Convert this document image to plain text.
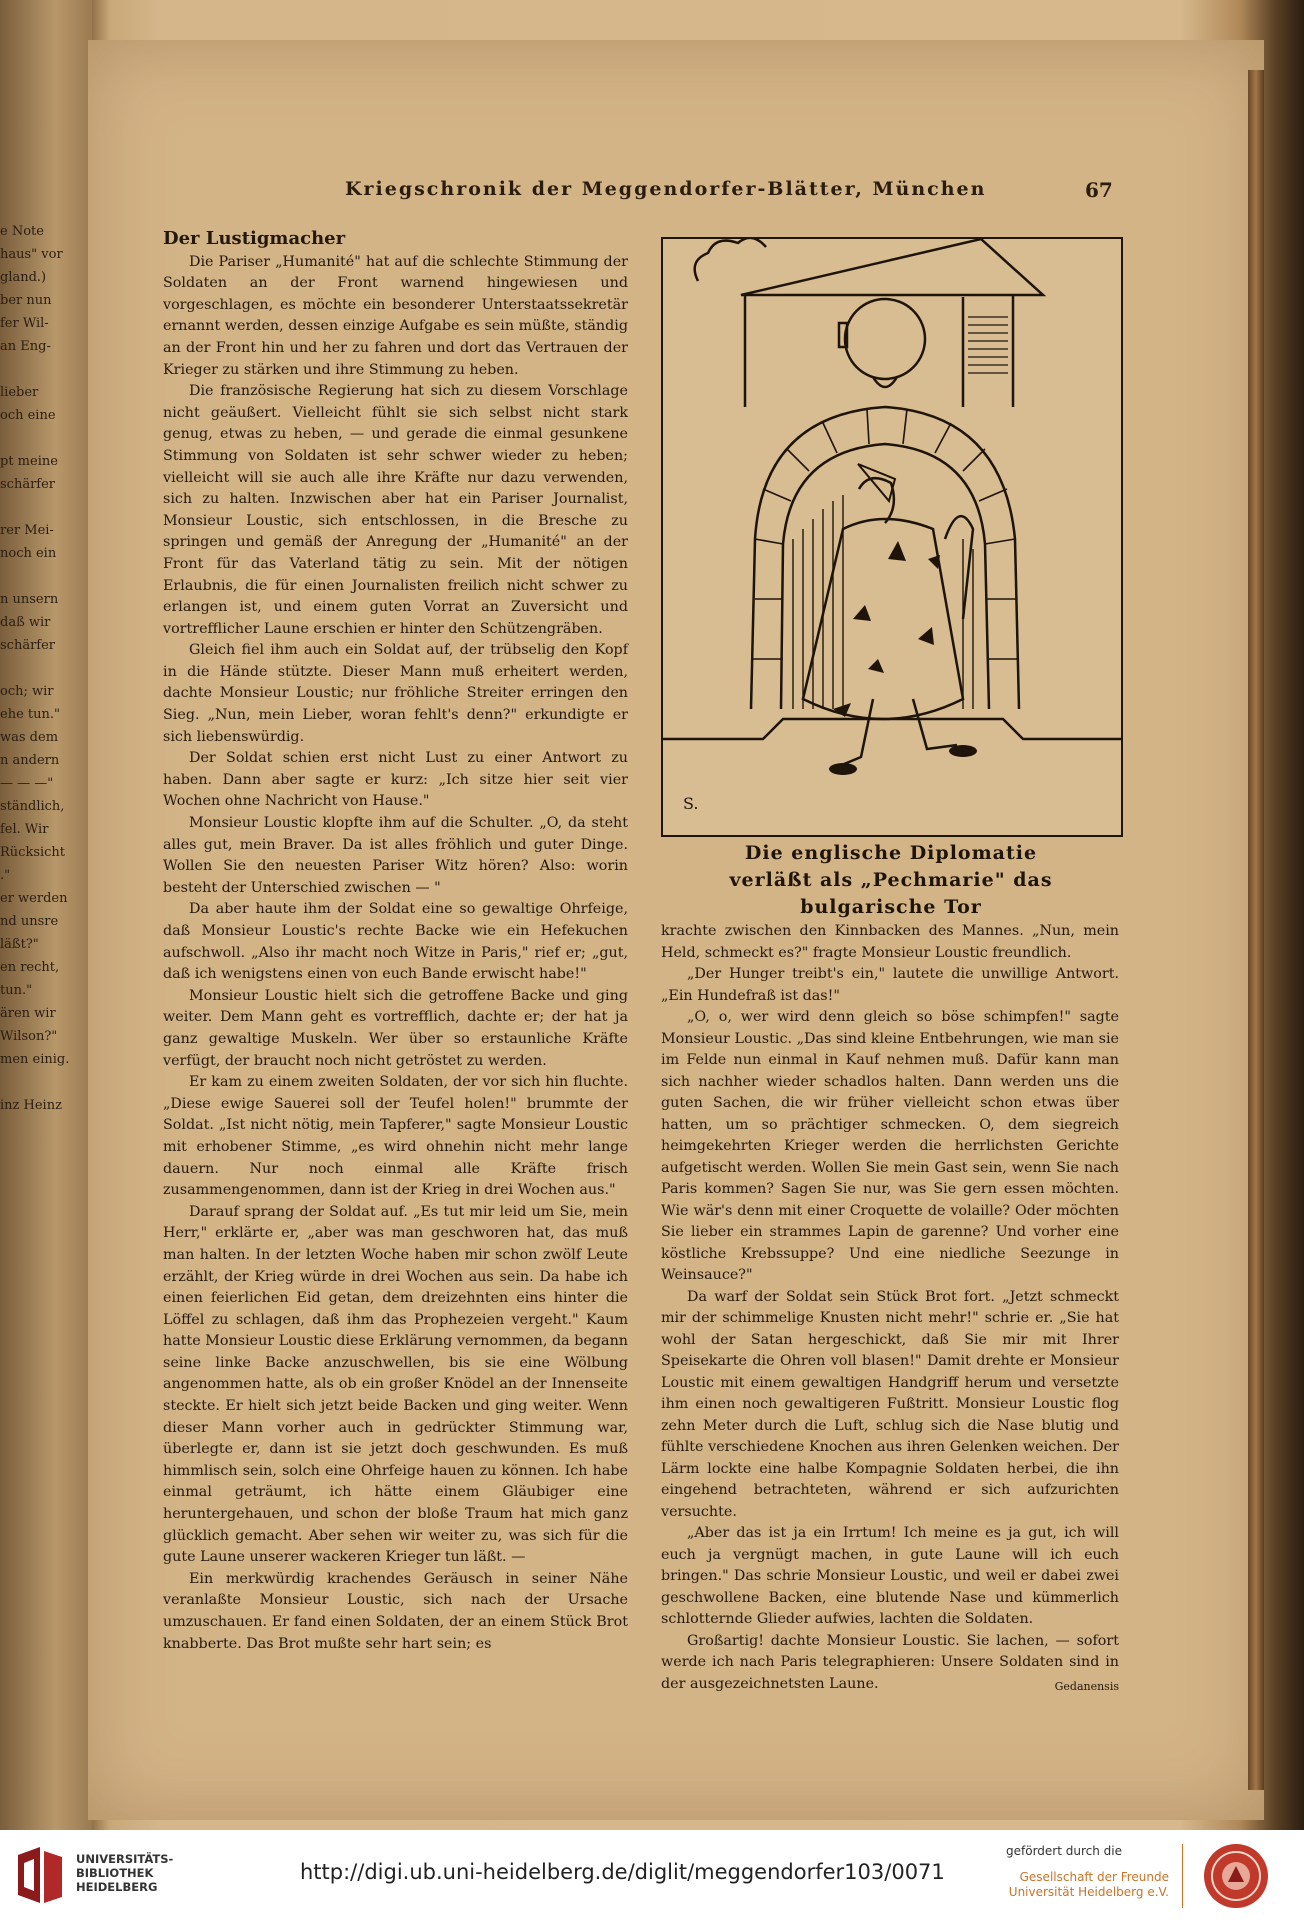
e Note
haus" vor
gland.)
ber nun
fer Wil-
an Eng-
lieber
och eine
pt meine
schärfer
rer Mei-
noch ein
n unsern
daß wir
schärfer
och; wir
ehe tun."
was dem
n andern
— — —"
ständlich,
fel. Wir
Rücksicht
."
er werden
nd unsre
läßt?"
en recht,
tun."
ären wir
Wilson?"
men einig.
inz Heinz
Kriegschronik der Meggendorfer-Blätter, München	67
Der Lustigmacher

Die Pariser „Humanité" hat auf die schlechte Stimmung der Soldaten an der Front warnend hingewiesen und vorgeschlagen, es möchte ein besonderer Unterstaatssekretär ernannt werden, dessen einzige Aufgabe es sein müßte, ständig an der Front hin und her zu fahren und dort das Vertrauen der Krieger zu stärken und ihre Stimmung zu heben.

Die französische Regierung hat sich zu diesem Vorschlage nicht geäußert. Vielleicht fühlt sie sich selbst nicht stark genug, etwas zu heben, — und gerade die einmal gesunkene Stimmung von Soldaten ist sehr schwer wieder zu heben; vielleicht will sie auch alle ihre Kräfte nur dazu verwenden, sich zu halten. Inzwischen aber hat ein Pariser Journalist, Monsieur Loustic, sich entschlossen, in die Bresche zu springen und gemäß der Anregung der „Humanité" an der Front für das Vaterland tätig zu sein. Mit der nötigen Erlaubnis, die für einen Journalisten freilich nicht schwer zu erlangen ist, und einem guten Vorrat an Zuversicht und vortrefflicher Laune erschien er hinter den Schützengräben.

Gleich fiel ihm auch ein Soldat auf, der trübselig den Kopf in die Hände stützte. Dieser Mann muß erheitert werden, dachte Monsieur Loustic; nur fröhliche Streiter erringen den Sieg. „Nun, mein Lieber, woran fehlt's denn?" erkundigte er sich liebenswürdig.

Der Soldat schien erst nicht Lust zu einer Antwort zu haben. Dann aber sagte er kurz: „Ich sitze hier seit vier Wochen ohne Nachricht von Hause."

Monsieur Loustic klopfte ihm auf die Schulter. „O, da steht alles gut, mein Braver. Da ist alles fröhlich und guter Dinge. Wollen Sie den neuesten Pariser Witz hören? Also: worin besteht der Unterschied zwischen — "

Da aber haute ihm der Soldat eine so gewaltige Ohrfeige, daß Monsieur Loustic's rechte Backe wie ein Hefekuchen aufschwoll. „Also ihr macht noch Witze in Paris," rief er; „gut, daß ich wenigstens einen von euch Bande erwischt habe!"

Monsieur Loustic hielt sich die getroffene Backe und ging weiter. Dem Mann geht es vortrefflich, dachte er; der hat ja ganz gewaltige Muskeln. Wer über so erstaunliche Kräfte verfügt, der braucht noch nicht getröstet zu werden.

Er kam zu einem zweiten Soldaten, der vor sich hin fluchte. „Diese ewige Sauerei soll der Teufel holen!" brummte der Soldat. „Ist nicht nötig, mein Tapferer," sagte Monsieur Loustic mit erhobener Stimme, „es wird ohnehin nicht mehr lange dauern. Nur noch einmal alle Kräfte frisch zusammengenommen, dann ist der Krieg in drei Wochen aus."

Darauf sprang der Soldat auf. „Es tut mir leid um Sie, mein Herr," erklärte er, „aber was man geschworen hat, das muß man halten. In der letzten Woche haben mir schon zwölf Leute erzählt, der Krieg würde in drei Wochen aus sein. Da habe ich einen feierlichen Eid getan, dem dreizehnten eins hinter die Löffel zu schlagen, daß ihm das Prophezeien vergeht." Kaum hatte Monsieur Loustic diese Erklärung vernommen, da begann seine linke Backe anzuschwellen, bis sie eine Wölbung angenommen hatte, als ob ein großer Knödel an der Innenseite steckte. Er hielt sich jetzt beide Backen und ging weiter. Wenn dieser Mann vorher auch in gedrückter Stimmung war, überlegte er, dann ist sie jetzt doch geschwunden. Es muß himmlisch sein, solch eine Ohrfeige hauen zu können. Ich habe einmal geträumt, ich hätte einem Gläubiger eine heruntergehauen, und schon der bloße Traum hat mich ganz glücklich gemacht. Aber sehen wir weiter zu, was sich für die gute Laune unserer wackeren Krieger tun läßt. —

Ein merkwürdig krachendes Geräusch in seiner Nähe veranlaßte Monsieur Loustic, sich nach der Ursache umzuschauen. Er fand einen Soldaten, der an einem Stück Brot knabberte. Das Brot mußte sehr hart sein; es

S.
Die englische Diplomatie
verläßt als „Pechmarie" das bulgarische Tor

krachte zwischen den Kinnbacken des Mannes. „Nun, mein Held, schmeckt es?" fragte Monsieur Loustic freundlich.

„Der Hunger treibt's ein," lautete die unwillige Antwort. „Ein Hundefraß ist das!"

„O, o, wer wird denn gleich so böse schimpfen!" sagte Monsieur Loustic. „Das sind kleine Entbehrungen, wie man sie im Felde nun einmal in Kauf nehmen muß. Dafür kann man sich nachher wieder schadlos halten. Dann werden uns die guten Sachen, die wir früher vielleicht schon etwas über hatten, um so prächtiger schmecken. O, dem siegreich heimgekehrten Krieger werden die herrlichsten Gerichte aufgetischt werden. Wollen Sie mein Gast sein, wenn Sie nach Paris kommen? Sagen Sie nur, was Sie gern essen möchten. Wie wär's denn mit einer Croquette de volaille? Oder möchten Sie lieber ein strammes Lapin de garenne? Und vorher eine köstliche Krebssuppe? Und eine niedliche Seezunge in Weinsauce?"

Da warf der Soldat sein Stück Brot fort. „Jetzt schmeckt mir der schimmelige Knusten nicht mehr!" schrie er. „Sie hat wohl der Satan hergeschickt, daß Sie mir mit Ihrer Speisekarte die Ohren voll blasen!" Damit drehte er Monsieur Loustic mit einem gewaltigen Handgriff herum und versetzte ihm einen noch gewaltigeren Fußtritt. Monsieur Loustic flog zehn Meter durch die Luft, schlug sich die Nase blutig und fühlte verschiedene Knochen aus ihren Gelenken weichen. Der Lärm lockte eine halbe Kompagnie Soldaten herbei, die ihn eingehend betrachteten, während er sich aufzurichten versuchte.

„Aber das ist ja ein Irrtum! Ich meine es ja gut, ich will euch ja vergnügt machen, in gute Laune will ich euch bringen." Das schrie Monsieur Loustic, und weil er dabei zwei geschwollene Backen, eine blutende Nase und kümmerlich schlotternde Glieder aufwies, lachten die Soldaten.

Großartig! dachte Monsieur Loustic. Sie lachen, — sofort werde ich nach Paris telegraphieren: Unsere Soldaten sind in der ausgezeichnetsten Laune.	Gedanensis

UNIVERSITÄTS-
BIBLIOTHEK
HEIDELBERG
http://digi.ub.uni-heidelberg.de/diglit/meggendorfer103/0071
gefördert durch die
Gesellschaft der Freunde
Universität Heidelberg e.V.
